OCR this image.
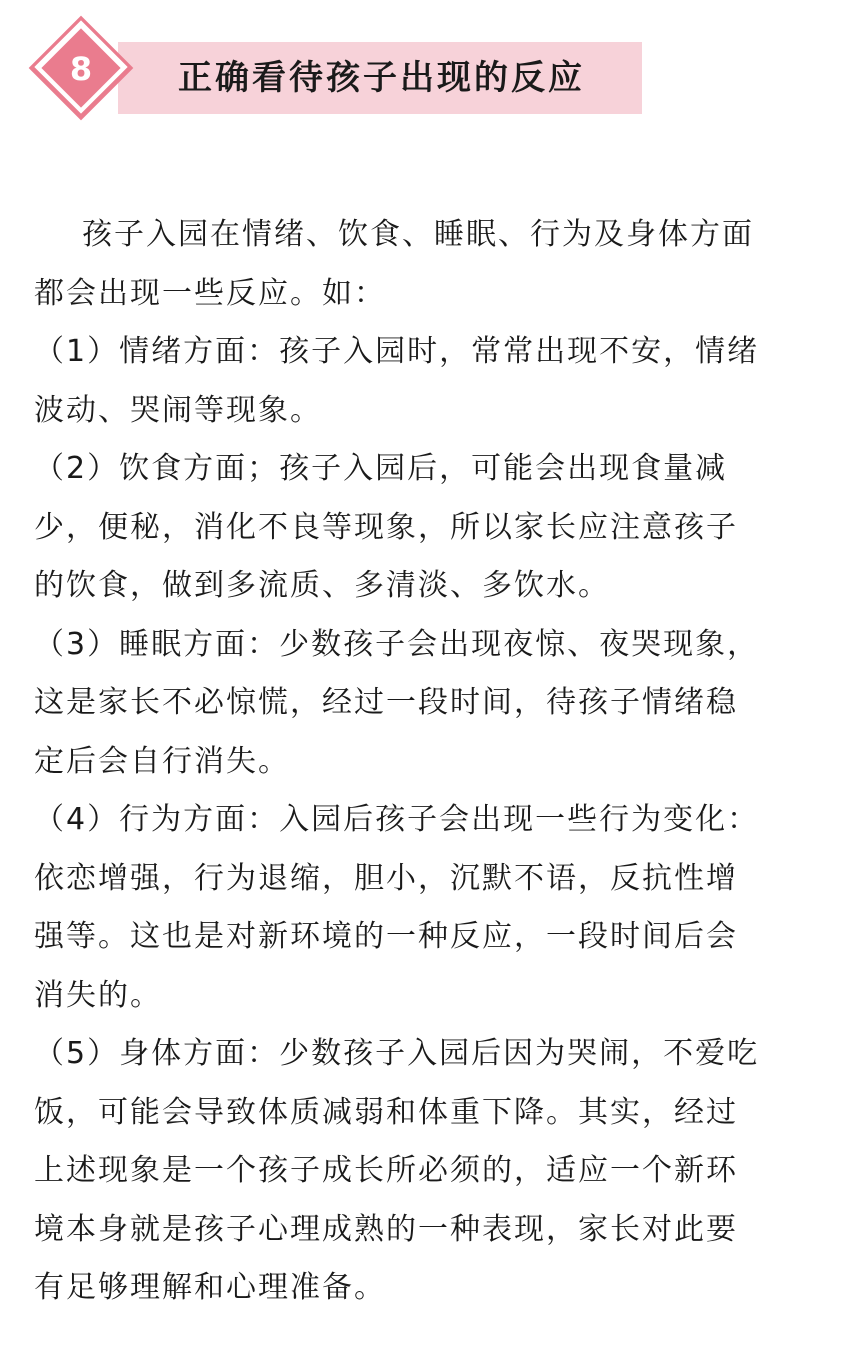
8	正确看待孩子出现的反应
孩子入园在情绪、饮食、睡眠、行为及身体方面
都会出现一些反应。如：
（1）情绪方面：孩子入园时，常常出现不安，情绪
波动、哭闹等现象。
（2）饮食方面；孩子入园后，可能会出现食量减
少，便秘，消化不良等现象，所以家长应注意孩子
的饮食，做到多流质、多清淡、多饮水。
（3）睡眠方面：少数孩子会出现夜惊、夜哭现象，
这是家长不必惊慌，经过一段时间，待孩子情绪稳
定后会自行消失。
（4）行为方面：入园后孩子会出现一些行为变化：
依恋增强，行为退缩，胆小，沉默不语，反抗性增
强等。这也是对新环境的一种反应，一段时间后会
消失的。
（5）身体方面：少数孩子入园后因为哭闹，不爱吃
饭，可能会导致体质减弱和体重下降。其实，经过
上述现象是一个孩子成长所必须的，适应一个新环
境本身就是孩子心理成熟的一种表现，家长对此要
有足够理解和心理准备。
